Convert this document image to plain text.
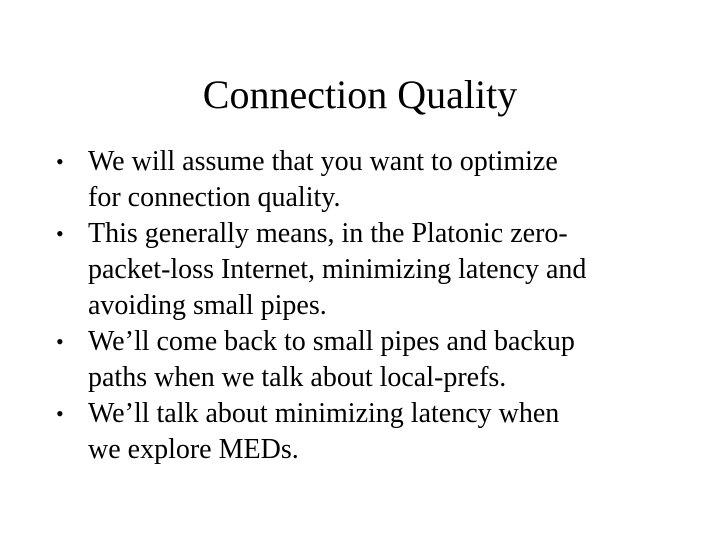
Connection Quality
• We will assume that you want to optimize
for connection quality.
• This generally means, in the Platonic zero-
packet-loss Internet, minimizing latency and
avoiding small pipes.
• We’ll come back to small pipes and backup
paths when we talk about local-prefs.
• We’ll talk about minimizing latency when
we explore MEDs.
